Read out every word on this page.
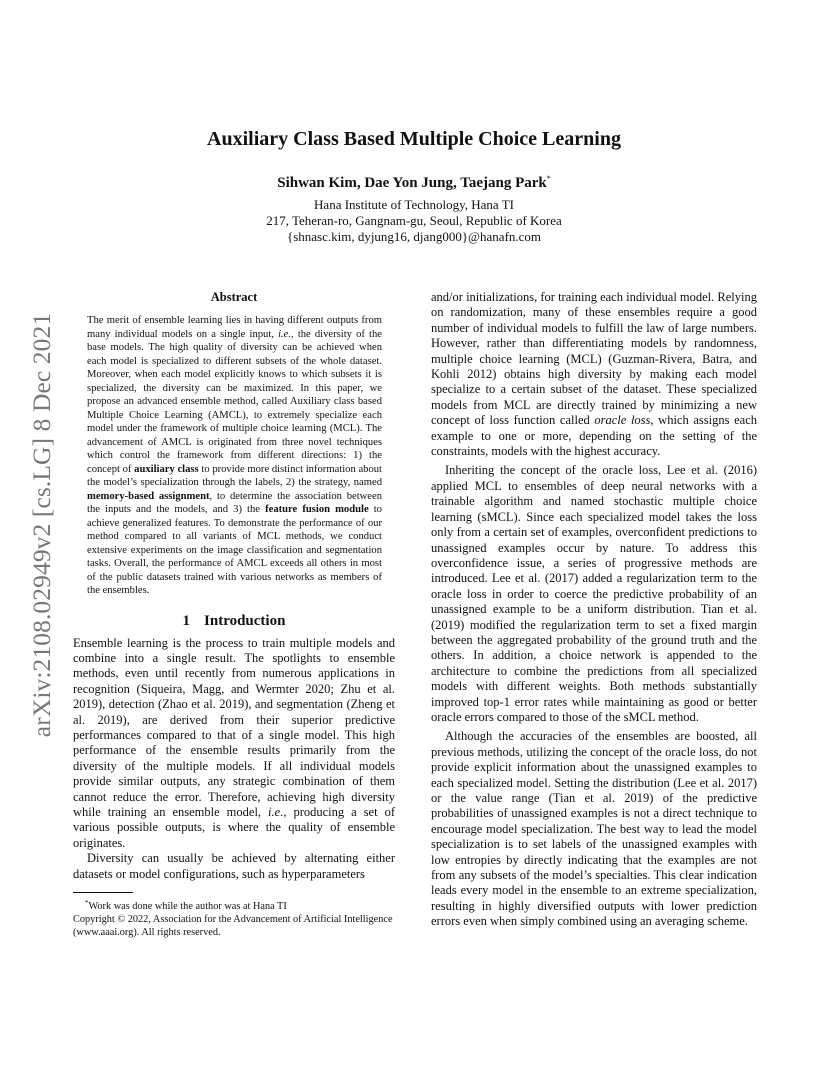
arXiv:2108.02949v2 [cs.LG] 8 Dec 2021
Auxiliary Class Based Multiple Choice Learning

Sihwan Kim, Dae Yon Jung, Taejang Park*

Hana Institute of Technology, Hana TI
217, Teheran-ro, Gangnam-gu, Seoul, Republic of Korea
{shnasc.kim, dyjung16, djang000}@hanafn.com
Abstract

The merit of ensemble learning lies in having different outputs from many individual models on a single input, i.e., the diversity of the base models. The high quality of diversity can be achieved when each model is specialized to different subsets of the whole dataset. Moreover, when each model explicitly knows to which subsets it is specialized, the diversity can be maximized. In this paper, we propose an advanced ensemble method, called Auxiliary class based Multiple Choice Learning (AMCL), to extremely specialize each model under the framework of multiple choice learning (MCL). The advancement of AMCL is originated from three novel techniques which control the framework from different directions: 1) the concept of auxiliary class to provide more distinct information about the model’s specialization through the labels, 2) the strategy, named memory-based assignment, to determine the association between the inputs and the models, and 3) the feature fusion module to achieve generalized features. To demonstrate the performance of our method compared to all variants of MCL methods, we conduct extensive experiments on the image classification and segmentation tasks. Overall, the performance of AMCL exceeds all others in most of the public datasets trained with various networks as members of the ensembles.

1 Introduction

Ensemble learning is the process to train multiple models and combine into a single result. The spotlights to ensemble methods, even until recently from numerous applications in recognition (Siqueira, Magg, and Wermter 2020; Zhu et al. 2019), detection (Zhao et al. 2019), and segmentation (Zheng et al. 2019), are derived from their superior predictive performances compared to that of a single model. This high performance of the ensemble results primarily from the diversity of the multiple models. If all individual models provide similar outputs, any strategic combination of them cannot reduce the error. Therefore, achieving high diversity while training an ensemble model, i.e., producing a set of various possible outputs, is where the quality of ensemble originates.

Diversity can usually be achieved by alternating either datasets or model configurations, such as hyperparameters

*Work was done while the author was at Hana TI

Copyright © 2022, Association for the Advancement of Artificial Intelligence (www.aaai.org). All rights reserved.

and/or initializations, for training each individual model. Relying on randomization, many of these ensembles require a good number of individual models to fulfill the law of large numbers. However, rather than differentiating models by randomness, multiple choice learning (MCL) (Guzman-Rivera, Batra, and Kohli 2012) obtains high diversity by making each model specialize to a certain subset of the dataset. These specialized models from MCL are directly trained by minimizing a new concept of loss function called oracle loss, which assigns each example to one or more, depending on the setting of the constraints, models with the highest accuracy.

Inheriting the concept of the oracle loss, Lee et al. (2016) applied MCL to ensembles of deep neural networks with a trainable algorithm and named stochastic multiple choice learning (sMCL). Since each specialized model takes the loss only from a certain set of examples, overconfident predictions to unassigned examples occur by nature. To address this overconfidence issue, a series of progressive methods are introduced. Lee et al. (2017) added a regularization term to the oracle loss in order to coerce the predictive probability of an unassigned example to be a uniform distribution. Tian et al. (2019) modified the regularization term to set a fixed margin between the aggregated probability of the ground truth and the others. In addition, a choice network is appended to the architecture to combine the predictions from all specialized models with different weights. Both methods substantially improved top-1 error rates while maintaining as good or better oracle errors compared to those of the sMCL method.

Although the accuracies of the ensembles are boosted, all previous methods, utilizing the concept of the oracle loss, do not provide explicit information about the unassigned examples to each specialized model. Setting the distribution (Lee et al. 2017) or the value range (Tian et al. 2019) of the predictive probabilities of unassigned examples is not a direct technique to encourage model specialization. The best way to lead the model specialization is to set labels of the unassigned examples with low entropies by directly indicating that the examples are not from any subsets of the model’s specialties. This clear indication leads every model in the ensemble to an extreme specialization, resulting in highly diversified outputs with lower prediction errors even when simply combined using an averaging scheme.
